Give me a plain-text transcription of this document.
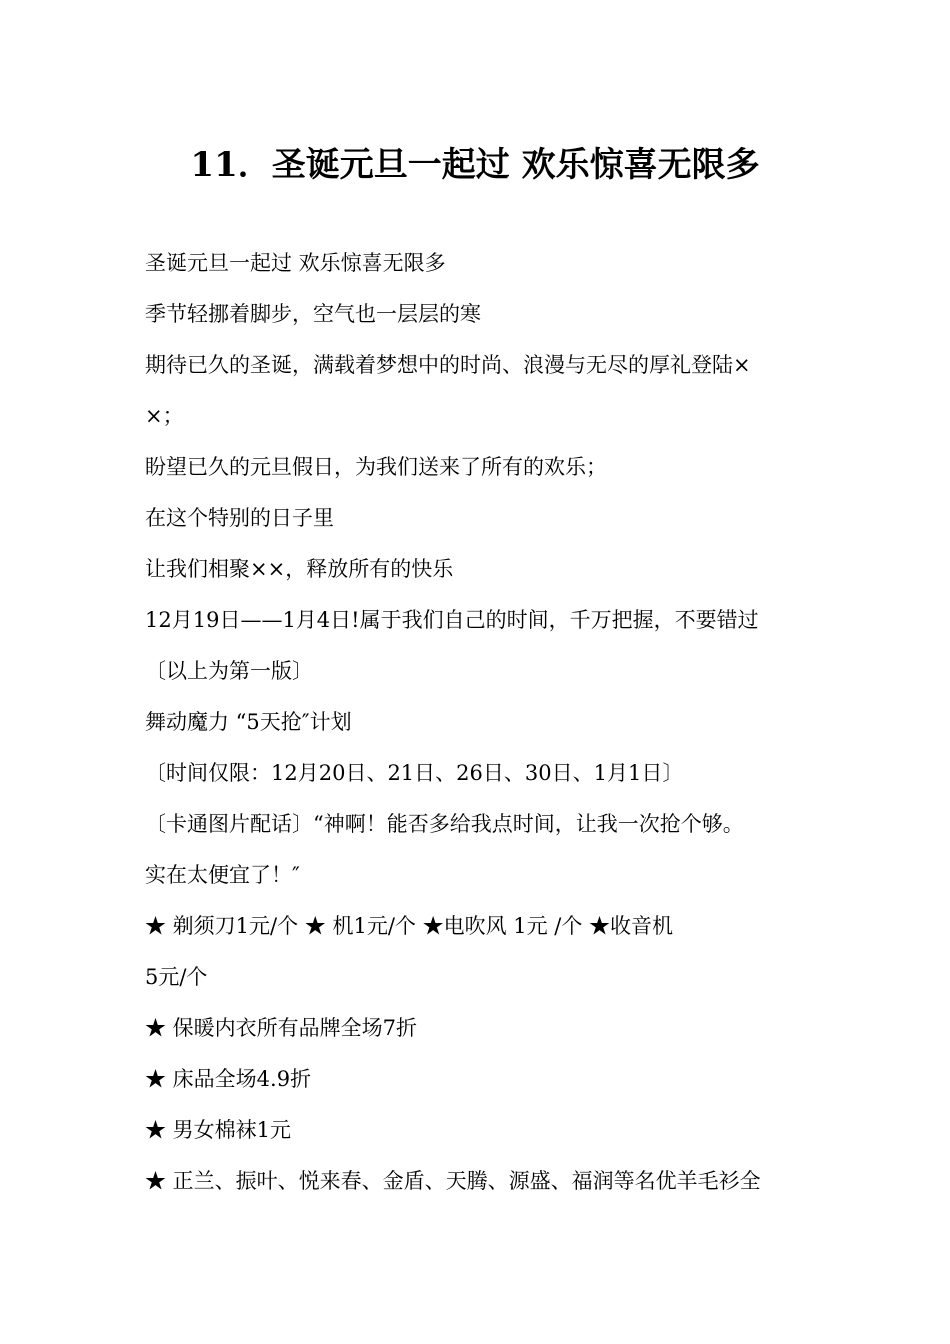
11．圣诞元旦一起过 欢乐惊喜无限多
圣诞元旦一起过 欢乐惊喜无限多
季节轻挪着脚步，空气也一层层的寒
期待已久的圣诞，满载着梦想中的时尚、浪漫与无尽的厚礼登陆×
×；
盼望已久的元旦假日，为我们送来了所有的欢乐；
在这个特别的日子里
让我们相聚××，释放所有的快乐
12月19日——1月4日!属于我们自己的时间，千万把握，不要错过
〔以上为第一版〕
舞动魔力 “5天抢″计划
〔时间仅限：12月20日、21日、26日、30日、1月1日〕
〔卡通图片配话〕“神啊！能否多给我点时间，让我一次抢个够。
实在太便宜了！″
★ 剃须刀1元/个 ★ 机1元/个 ★电吹风 1元 /个 ★收音机
5元/个
★ 保暖内衣所有品牌全场7折
★ 床品全场4.9折
★ 男女棉袜1元
★ 正兰、振叶、悦来春、金盾、天腾、源盛、福润等名优羊毛衫全
